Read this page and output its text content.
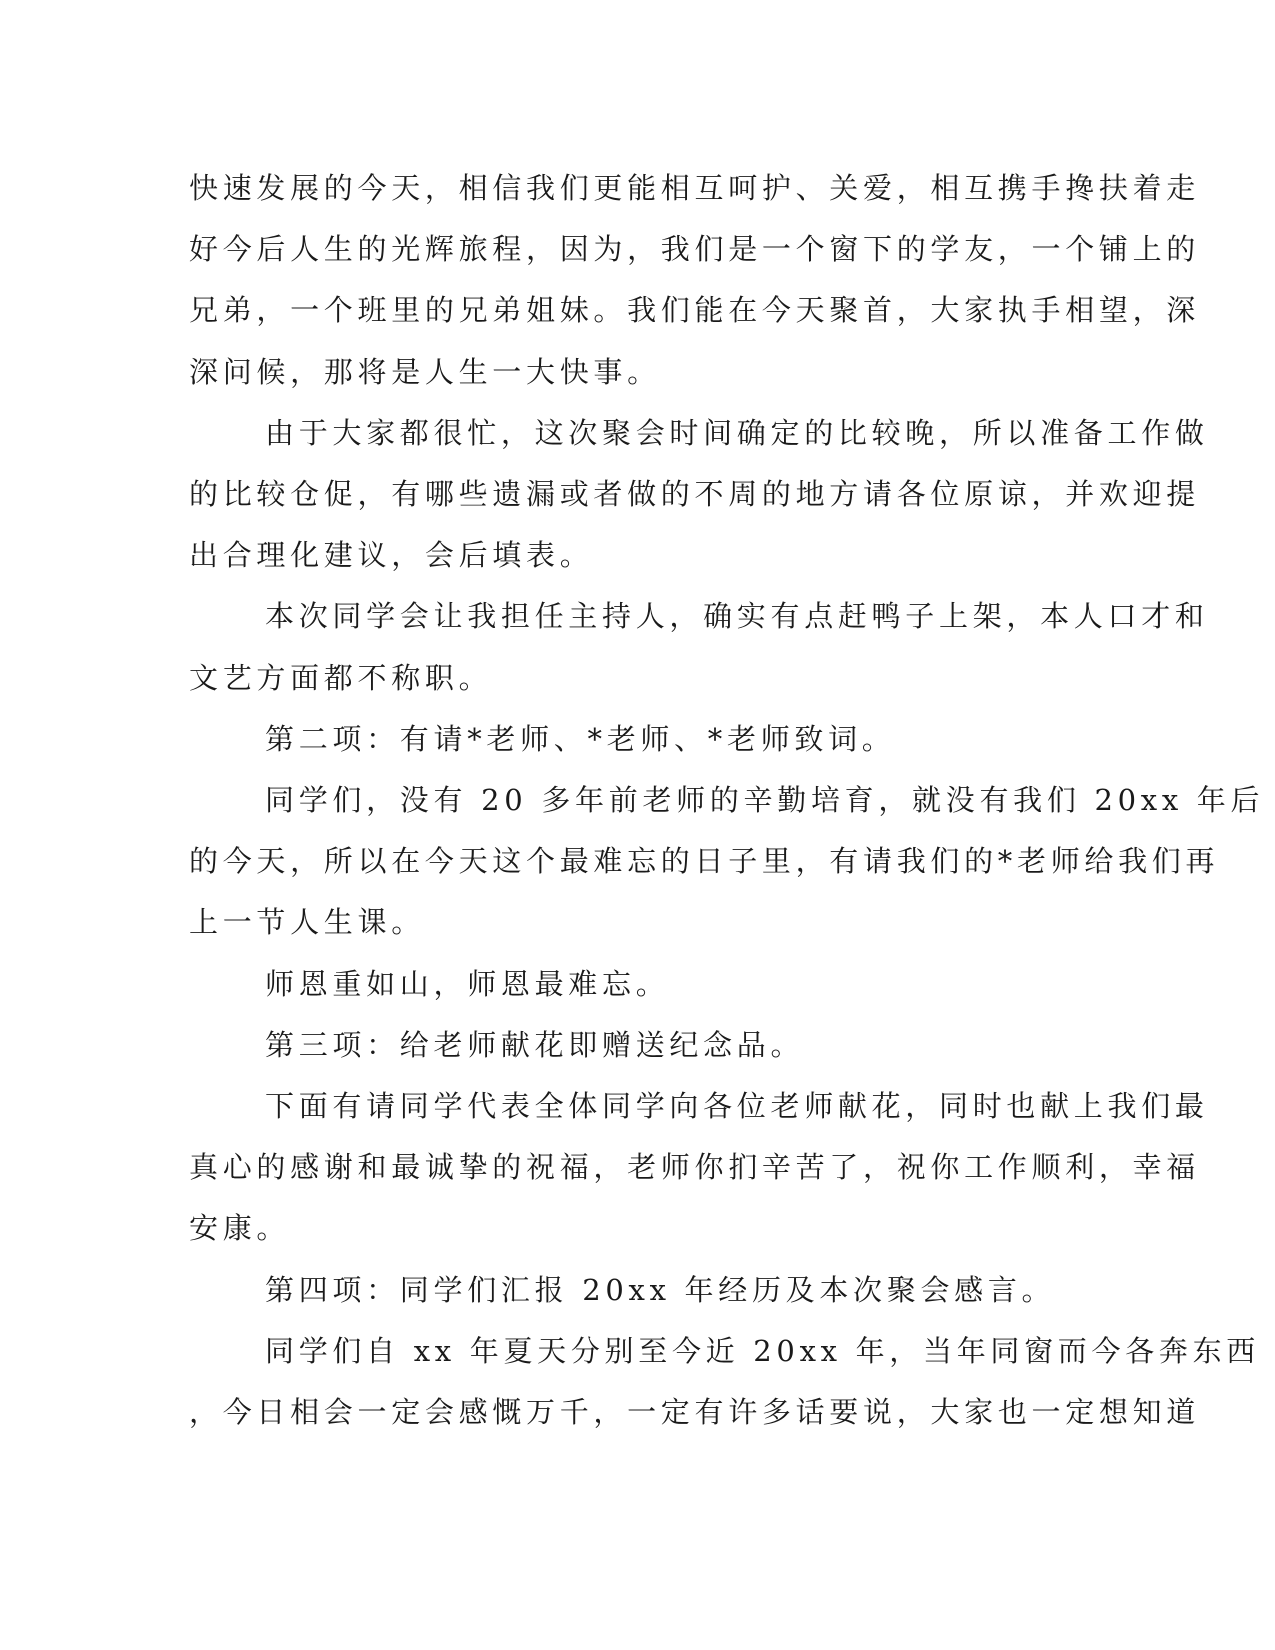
快速发展的今天，相信我们更能相互呵护、关爱，相互携手搀扶着走
好今后人生的光辉旅程，因为，我们是一个窗下的学友，一个铺上的
兄弟，一个班里的兄弟姐妹。我们能在今天聚首，大家执手相望，深
深问候，那将是人生一大快事。

由于大家都很忙，这次聚会时间确定的比较晚，所以准备工作做
的比较仓促，有哪些遗漏或者做的不周的地方请各位原谅，并欢迎提
出合理化建议，会后填表。

本次同学会让我担任主持人，确实有点赶鸭子上架，本人口才和
文艺方面都不称职。

第二项：有请*老师、*老师、*老师致词。

同学们，没有 20 多年前老师的辛勤培育，就没有我们 20xx 年后
的今天，所以在今天这个最难忘的日子里，有请我们的*老师给我们再
上一节人生课。

师恩重如山，师恩最难忘。

第三项：给老师献花即赠送纪念品。

下面有请同学代表全体同学向各位老师献花，同时也献上我们最
真心的感谢和最诚挚的祝福，老师你扪辛苦了，祝你工作顺利，幸福
安康。

第四项：同学们汇报 20xx 年经历及本次聚会感言。

同学们自 xx 年夏天分别至今近 20xx 年，当年同窗而今各奔东西
，今日相会一定会感慨万千，一定有许多话要说，大家也一定想知道
